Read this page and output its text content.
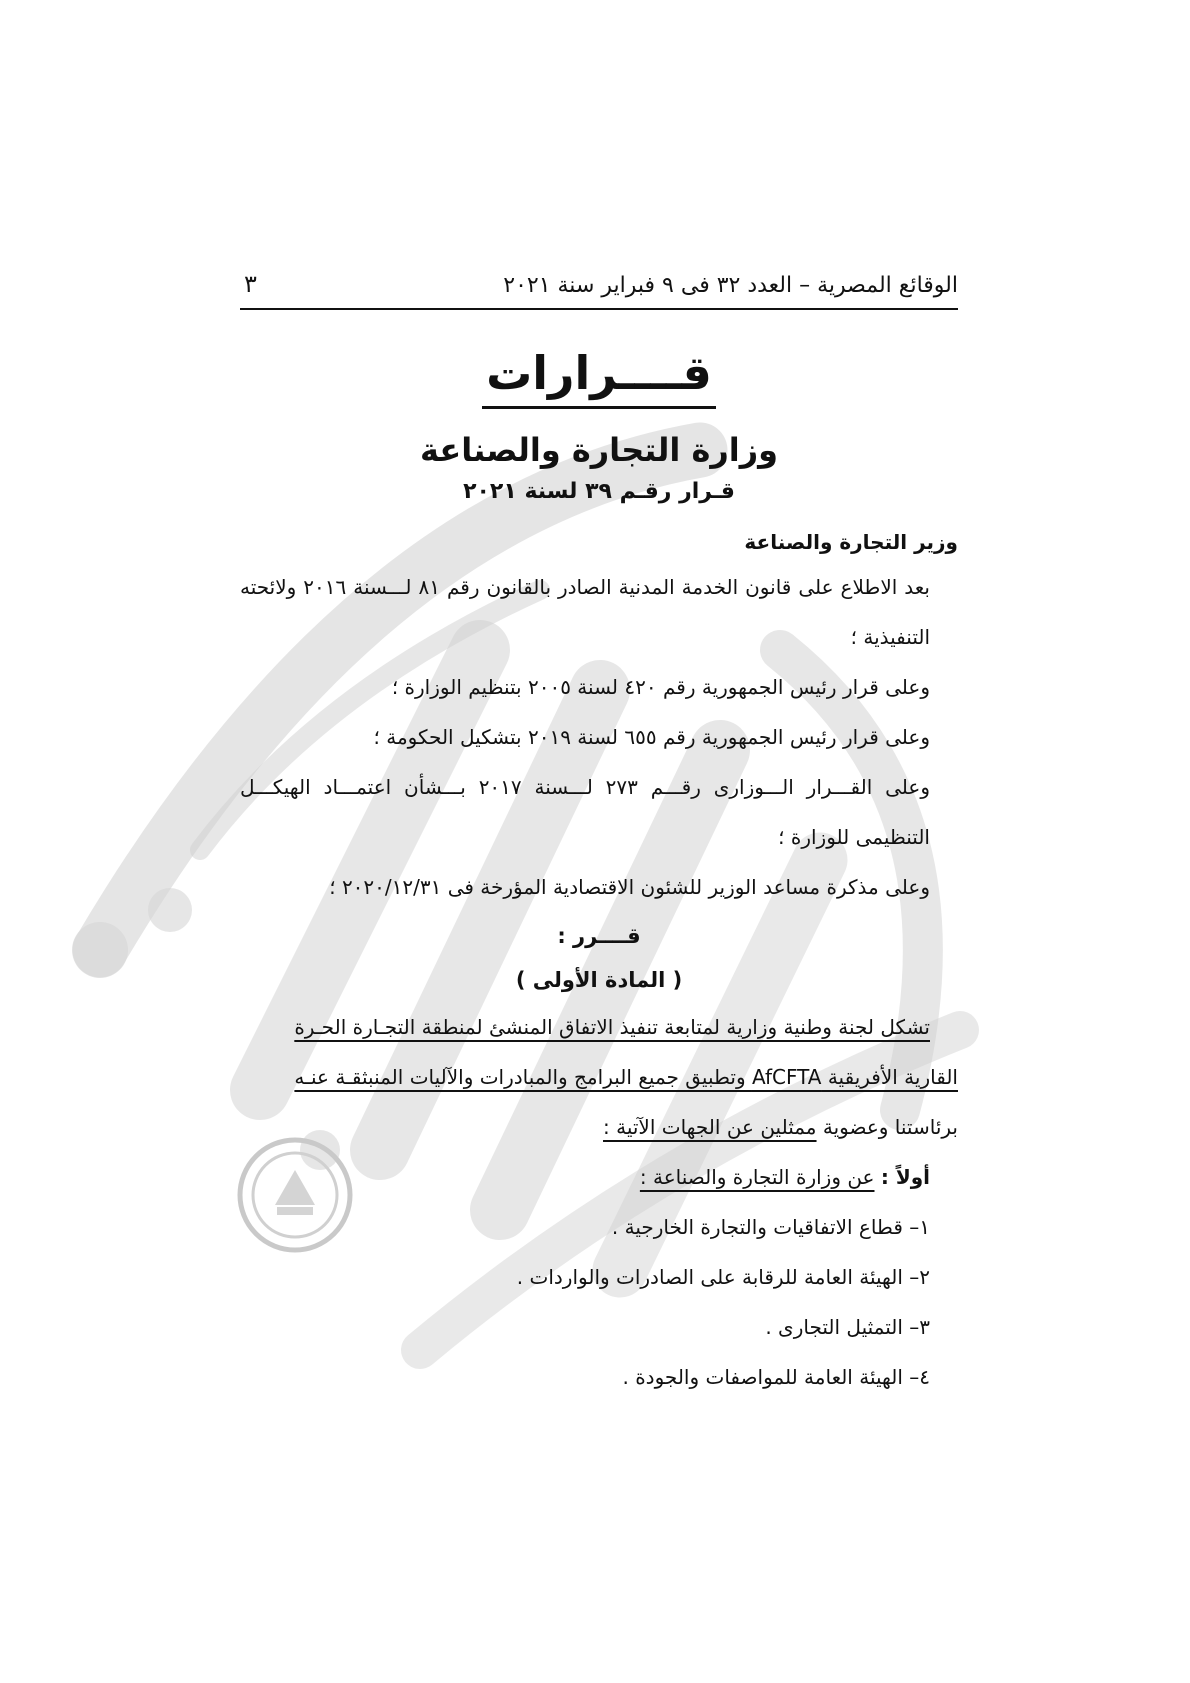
الوقائع المصرية – العدد ٣٢ فى ٩ فبراير سنة ٢٠٢١
٣
قــــرارات
وزارة التجارة والصناعة
قـرار رقـم ٣٩ لسنة ٢٠٢١
وزير التجارة والصناعة

بعد الاطلاع على قانون الخدمة المدنية الصادر بالقانون رقم ٨١ لـــسنة ٢٠١٦ ولائحته التنفيذية ؛

وعلى قرار رئيس الجمهورية رقم ٤٢٠ لسنة ٢٠٠٥ بتنظيم الوزارة ؛

وعلى قرار رئيس الجمهورية رقم ٦٥٥ لسنة ٢٠١٩ بتشكيل الحكومة ؛

وعلى القـــرار الـــوزارى رقـــم ٢٧٣ لـــسنة ٢٠١٧ بـــشأن اعتمـــاد الهيكـــل التنظيمى للوزارة ؛

وعلى مذكرة مساعد الوزير للشئون الاقتصادية المؤرخة فى ٢٠٢٠/١٢/٣١ ؛

قــــرر :
( المادة الأولى )

تشكل لجنة وطنية وزارية لمتابعة تنفيذ الاتفاق المنشئ لمنطقة التجـارة الحـرة

القارية الأفريقية AfCFTA وتطبيق جميع البرامج والمبادرات والآليات المنبثقـة عنـه

برئاستنا وعضوية ممثلين عن الجهات الآتية :

أولاً : عن وزارة التجارة والصناعة :

١– قطاع الاتفاقيات والتجارة الخارجية .

٢– الهيئة العامة للرقابة على الصادرات والواردات .

٣– التمثيل التجارى .

٤– الهيئة العامة للمواصفات والجودة .
